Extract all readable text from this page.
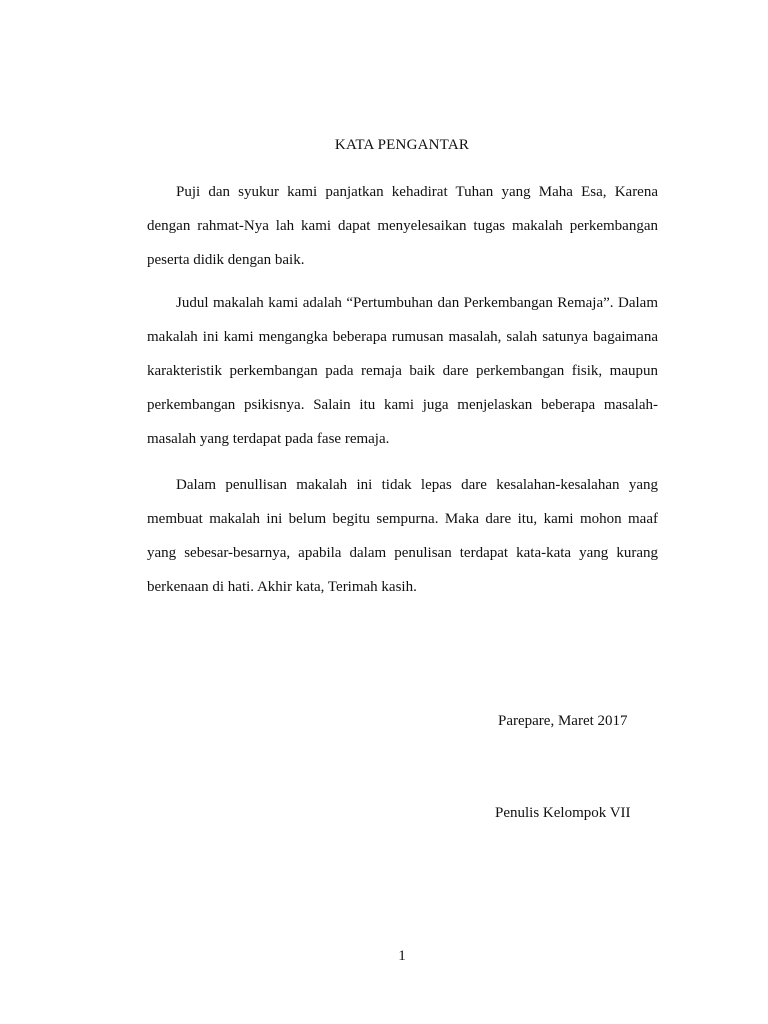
KATA PENGANTAR

Puji dan syukur kami panjatkan kehadirat Tuhan yang Maha Esa, Karena dengan rahmat-Nya lah kami dapat menyelesaikan tugas makalah perkembangan peserta didik dengan baik.

Judul makalah kami adalah “Pertumbuhan dan Perkembangan Remaja”. Dalam makalah ini kami mengangka beberapa rumusan masalah, salah satunya bagaimana karakteristik perkembangan pada remaja baik dare perkembangan fisik, maupun perkembangan psikisnya. Salain itu kami juga menjelaskan beberapa masalah-masalah yang terdapat pada fase remaja.

Dalam penullisan makalah ini tidak lepas dare kesalahan-kesalahan yang membuat makalah ini belum begitu sempurna. Maka dare itu, kami mohon maaf yang sebesar-besarnya, apabila dalam penulisan terdapat kata-kata yang kurang berkenaan di hati. Akhir kata, Terimah kasih.

Parepare, Maret 2017
Penulis Kelompok VII
1
